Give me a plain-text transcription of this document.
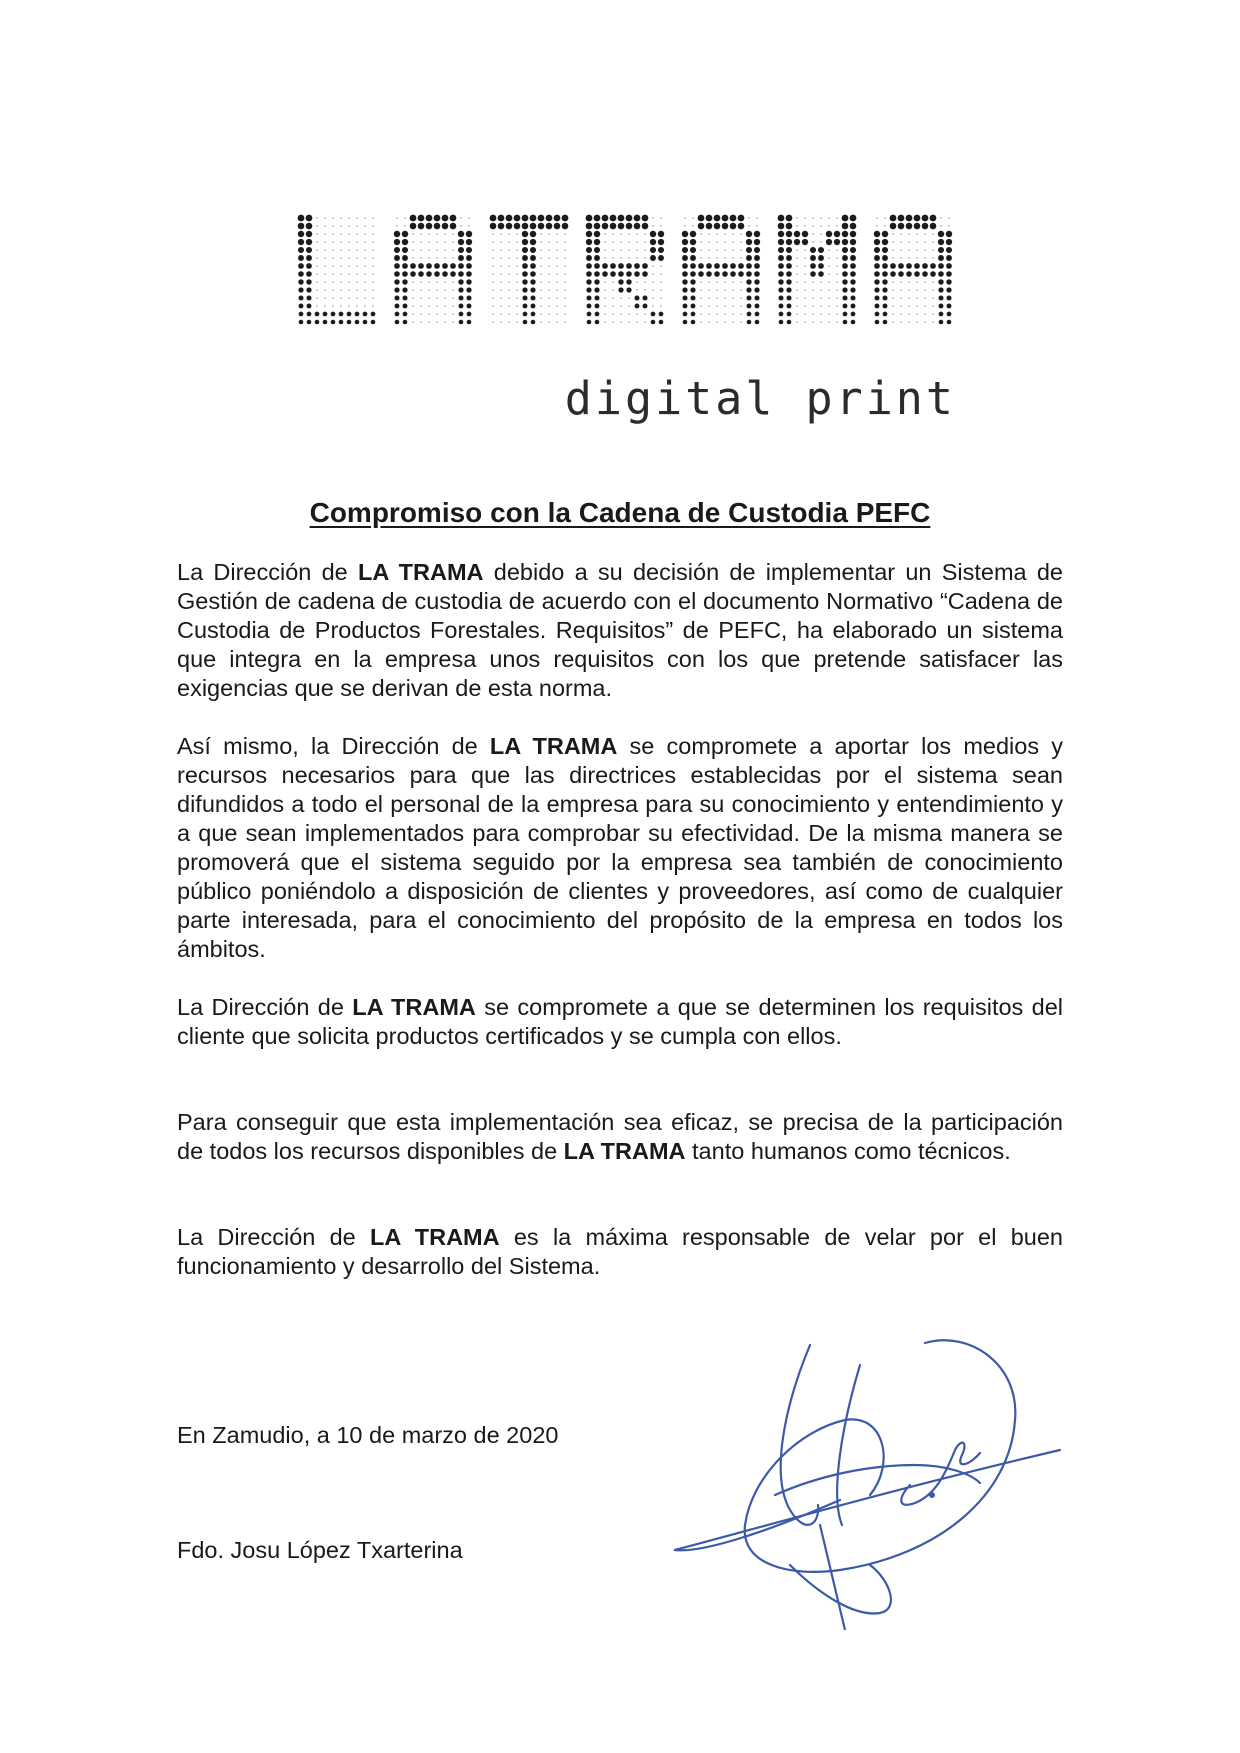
digital print
Compromiso con la Cadena de Custodia PEFC

La Dirección de LA TRAMA debido a su decisión de implementar un Sistema de Gestión de cadena de custodia de acuerdo con el documento Normativo “Cadena de Custodia de Productos Forestales. Requisitos” de PEFC, ha elaborado un sistema que integra en la empresa unos requisitos con los que pretende satisfacer las exigencias que se derivan de esta norma.

Así mismo, la Dirección de LA TRAMA se compromete a aportar los medios y recursos necesarios para que las directrices establecidas por el sistema sean difundidos a todo el personal de la empresa para su conocimiento y entendimiento y a que sean implementados para comprobar su efectividad. De la misma manera se promoverá que el sistema seguido por la empresa sea también de conocimiento público poniéndolo a disposición de clientes y proveedores, así como de cualquier parte interesada, para el conocimiento del propósito de la empresa en todos los ámbitos.

La Dirección de LA TRAMA se compromete a que se determinen los requisitos del cliente que solicita productos certificados y se cumpla con ellos.

Para conseguir que esta implementación sea eficaz, se precisa de la participación de todos los recursos disponibles de LA TRAMA tanto humanos como técnicos.

La Dirección de LA TRAMA es la máxima responsable de velar por el buen funcionamiento y desarrollo del Sistema.

En Zamudio, a 10 de marzo de 2020

Fdo. Josu López Txarterina
